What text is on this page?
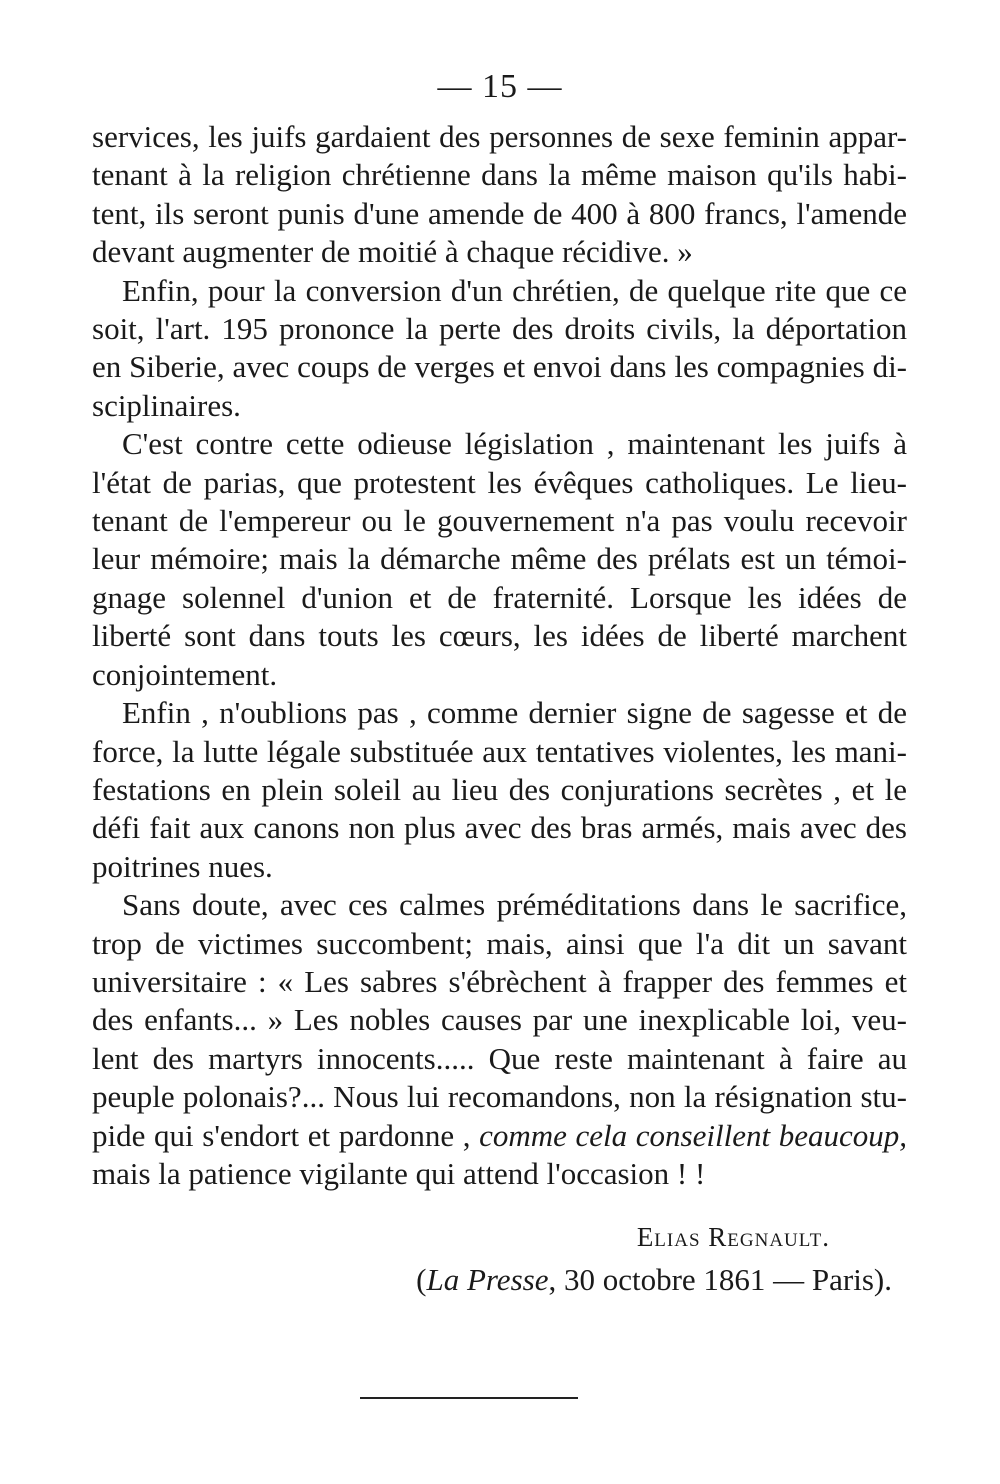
— 15 —

services, les juifs gardaient des personnes de sexe feminin appar-
tenant à la religion chrétienne dans la même maison qu'ils habi-
tent, ils seront punis d'une amende de 400 à 800 francs, l'amende
devant augmenter de moitié à chaque récidive. »

Enfin, pour la conversion d'un chrétien, de quelque rite que ce
soit, l'art. 195 prononce la perte des droits civils, la déportation
en Siberie, avec coups de verges et envoi dans les compagnies di-
sciplinaires.

C'est contre cette odieuse législation , maintenant les juifs à
l'état de parias, que protestent les évêques catholiques. Le lieu-
tenant de l'empereur ou le gouvernement n'a pas voulu recevoir
leur mémoire; mais la démarche même des prélats est un témoi-
gnage solennel d'union et de fraternité. Lorsque les idées de
liberté sont dans touts les cœurs, les idées de liberté marchent
conjointement.

Enfin , n'oublions pas , comme dernier signe de sagesse et de
force, la lutte légale substituée aux tentatives violentes, les mani-
festations en plein soleil au lieu des conjurations secrètes , et le
défi fait aux canons non plus avec des bras armés, mais avec des
poitrines nues.

Sans doute, avec ces calmes préméditations dans le sacrifice,
trop de victimes succombent; mais, ainsi que l'a dit un savant
universitaire : « Les sabres s'ébrèchent à frapper des femmes et
des enfants... » Les nobles causes par une inexplicable loi, veu-
lent des martyrs innocents..... Que reste maintenant à faire au
peuple polonais?... Nous lui recomandons, non la résignation stu-
pide qui s'endort et pardonne , comme cela conseillent beaucoup,
mais la patience vigilante qui attend l'occasion ! !

Elias Regnault.
(La Presse, 30 octobre 1861 — Paris).
